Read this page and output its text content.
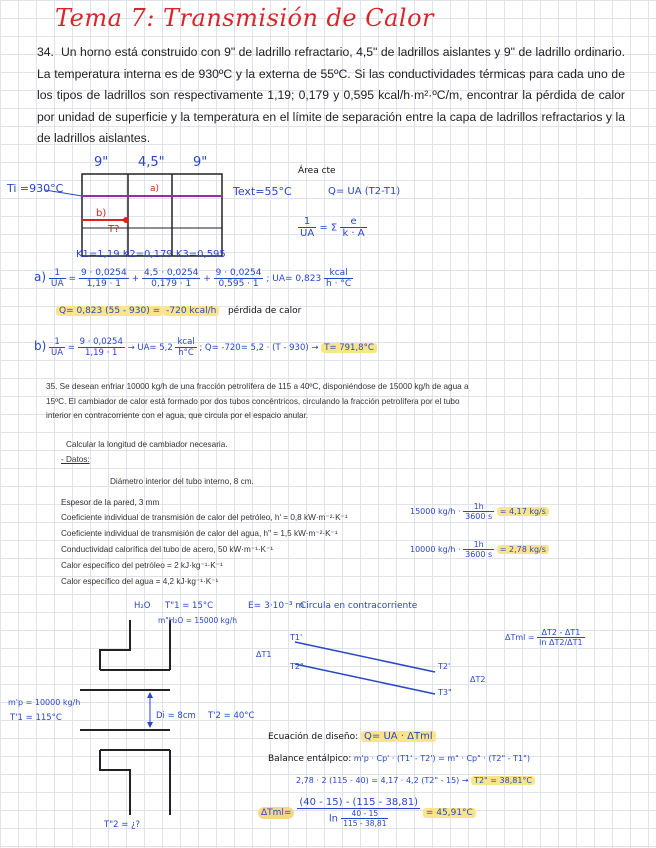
Tema 7: Transmisión de Calor
34. Un horno está construido con 9" de ladrillo refractario, 4,5" de ladrillos aislantes y 9" de ladrillo ordinario. La temperatura interna es de 930ºC y la externa de 55ºC. Si las conductividades térmicas para cada uno de los tipos de ladrillos son respectivamente 1,19; 0,179 y 0,595 kcal/h·m²·ºC/m, encontrar la pérdida de calor por unidad de superficie y la temperatura en el límite de separación entre la capa de ladrillos refractarios y la de ladrillos aislantes.
9" 4,5" 9"
Ti =930°C	Text=55°C
a)
b)
T?
K1=1,19 K2=0,179 K3=0,595
Área cte
Q= UA (T2-T1)
$\frac{1}{UA} = \Sigma \frac{e}{k \cdot A}$
$a) \frac{1}{UA} = \frac{9 \cdot 0,0254}{1,19 \cdot 1} + \frac{4,5 \cdot 0,0254}{0,179 \cdot 1} + \frac{9 \cdot 0,0254}{0,595 \cdot 1}$ ; $UA= 0,823 \frac{\text{kcal}}{h \cdot ^\circ C}$
Q= 0,823 (55 - 930) = -720 kcal/h pérdida de calor
$b) \frac{1}{UA} = \frac{9 \cdot 0,0254}{1,19 \cdot 1} \to UA= 5,2 \frac{\text{kcal}}{h^\circ C}$ ; Q= -720= 5,2 · (T - 930) → T= 791,8°C
35. Se desean enfriar 10000 kg/h de una fracción petrolífera de 115 a 40ºC, disponiéndose de 15000 kg/h de agua a 15ºC. El cambiador de calor está formado por dos tubos concéntricos, circulando la fracción petrolífera por el tubo interior en contracorriente con el agua, que circula por el espacio anular.
Calcular la longitud de cambiador necesaria.
- Datos:
Diámetro interior del tubo interno, 8 cm.
Espesor de la pared, 3 mm
Coeficiente individual de transmisión de calor del petróleo, h' = 0,8 kW·m⁻²·K⁻¹
Coeficiente individual de transmisión de calor del agua, h" = 1,5 kW·m⁻²·K⁻¹
Conductividad calorífica del tubo de acero, 50 kW·m⁻¹·K⁻¹
Calor específico del petróleo = 2 kJ·kg⁻¹·K⁻¹
Calor específico del agua = 4,2 kJ·kg⁻¹·K⁻¹
15000 $kg/h \cdot \frac{1h}{3600 s} = 4,17$ kg/s
10000 $kg/h \cdot \frac{1h}{3600 s} = 2,78$ kg/s
H₂O T"1 = 15°C
m"H₂O = 15000 kg/h
E= 3·10⁻³ m
Circula en contracorriente
m'p = 10000 kg/h
T'1 = 115°C	Di = 8cm T'2 = 40°C
T"2 = ¿?
ΔT1
T1'
T2"	T2'
T3"
ΔT2
$\Delta Tml = \frac{\Delta T2 - \Delta T1}{\text{ln ΔT2/ΔT1}}$
Ecuación de diseño: Q= UA · ΔTml
Balance entálpico: m'p · Cp' · (T1' - T2') = m" · Cp" · (T2" - T1")
2,78 · 2 (115 - 40) = 4,17 · 4,2 (T2" - 15) → T2" = 38,81°C
$\Delta Tml= \frac{(40 - 15) - (115 - 38,81)}{\ln \frac{40 - 15}{115 - 38,81}} = 45,91^\circ C$
